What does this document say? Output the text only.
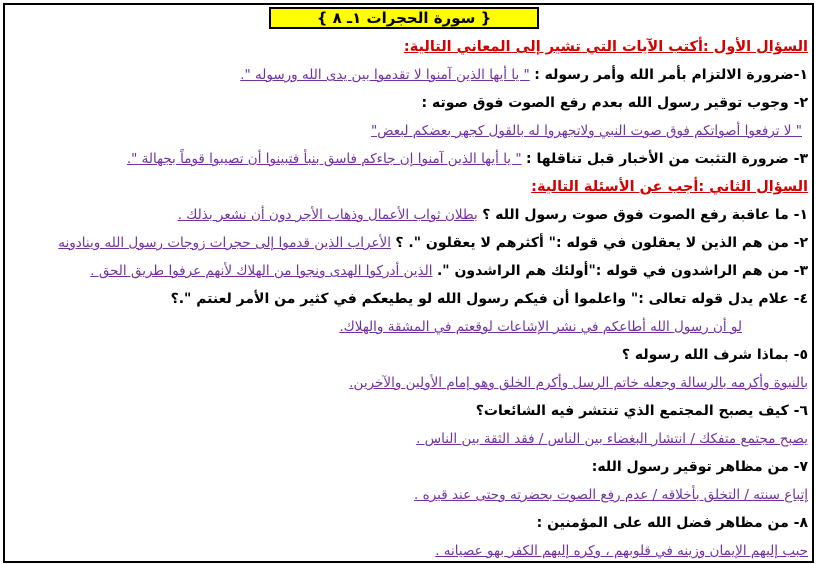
{ سورة الحجرات ١ـ ٨ }
السؤال الأول :أكتب الآيات التي تشير إلى المعاني التالية:
١-ضرورة الالتزام بأمر الله وأمر رسوله : " يا أيها الذين آمنوا لا تقدموا بين يدى الله ورسوله ".
٢- وجوب توقير رسول الله بعدم رفع الصوت فوق صوته :
" لا ترفعوا أصواتكم فوق صوت النبي ولاتجهروا له بالقول كجهر بعضكم لبعض"
٣- ضرورة التثبت من الأخبار قبل تناقلها : " يا أيها الذين آمنوا إن جاءكم فاسق بنبأ فتبينوا أن تصيبوا قوماً بجهالة ".
السؤال الثاني :أجب عن الأسئلة التالية:
١- ما عاقبة رفع الصوت فوق صوت رسول الله ؟ بطلان ثواب الأعمال وذهاب الأجر دون أن نشعر بذلك .
٢- من هم الذين لا يعقلون في قوله :" أكثرهم لا يعقلون ". ؟ الأعراب الذين قدموا إلى حجرات زوجات رسول الله وينادونه
٣- من هم الراشدون في قوله :"أولئك هم الراشدون ". الذين أدركوا الهدى ونجوا من الهلاك لأنهم عرفوا طريق الحق .
٤- علام يدل قوله تعالى :" واعلموا أن فيكم رسول الله لو يطيعكم في كثير من الأمر لعنتم ".؟
لو أن رسول الله أطاعكم في نشر الإشاعات لوقعتم في المشقة والهلاك.
٥- بماذا شرف الله رسوله ؟
بالنبوة وأكرمه بالرسالة وجعله خاتم الرسل وأكرم الخلق وهو إمام الأولين والآخرين.
٦- كيف يصبح المجتمع الذي تنتشر فيه الشائعات؟
يصبح مجتمع متفكك / انتشار البغضاء بين الناس / فقد الثقة بين الناس .
٧- من مظاهر توقير رسول الله:
إتباع سنته / التخلق بأخلاقه / عدم رفع الصوت بحضرته وحتى عند قبره .
٨- من مظاهر فضل الله على المؤمنين :
حبب إليهم الإيمان وزينه في قلوبهم ، وكره إليهم الكفر بهو عصيانه .
